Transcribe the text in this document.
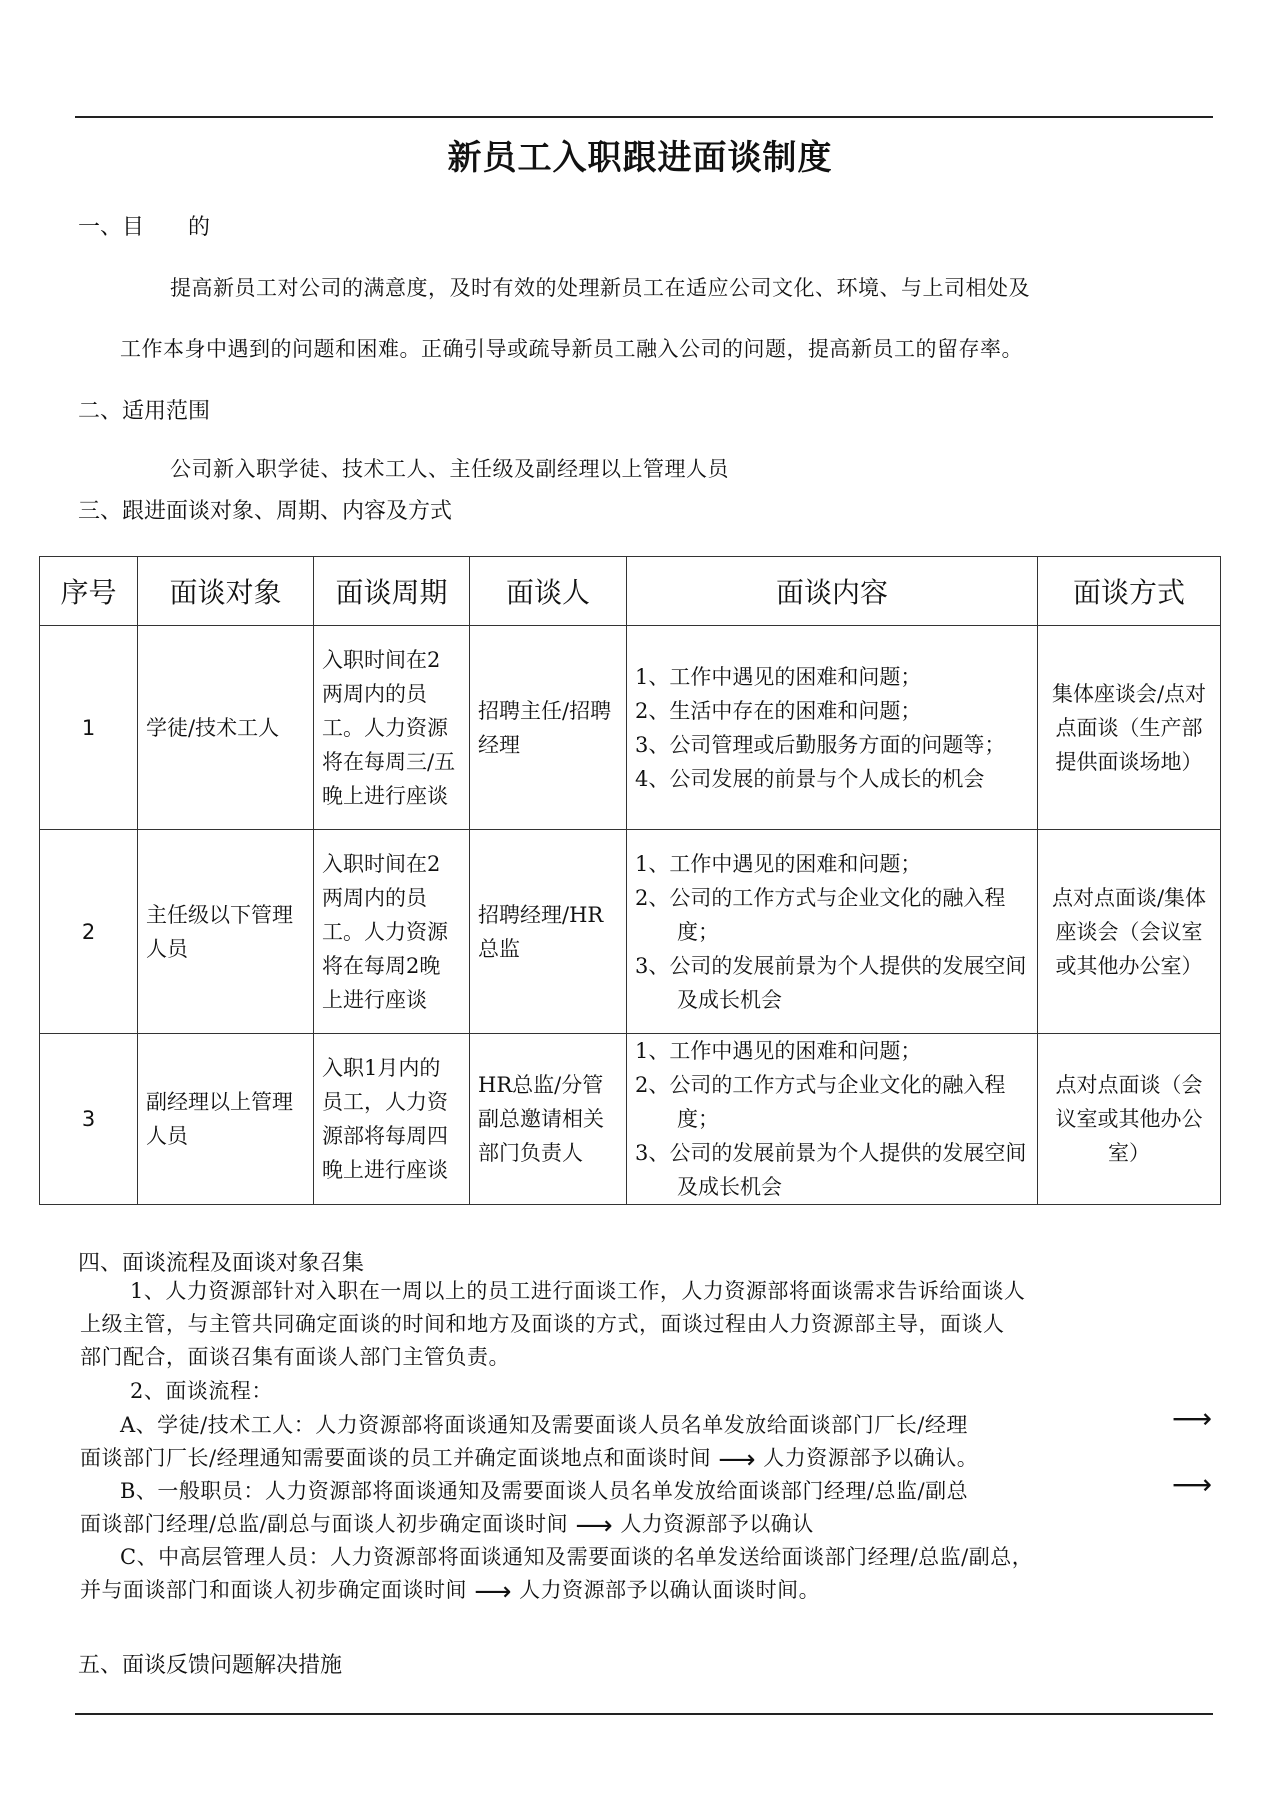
新员工入职跟进面谈制度
一、目　　的
提高新员工对公司的满意度，及时有效的处理新员工在适应公司文化、环境、与上司相处及
工作本身中遇到的问题和困难。正确引导或疏导新员工融入公司的问题，提高新员工的留存率。
二、适用范围
公司新入职学徒、技术工人、主任级及副经理以上管理人员
三、跟进面谈对象、周期、内容及方式
序号	面谈对象	面谈周期	面谈人	面谈内容	面谈方式
1	学徒/技术工人	入职时间在2两周内的员工。人力资源将在每周三/五晚上进行座谈	招聘主任/招聘经理	1、工作中遇见的困难和问题；
2、生活中存在的困难和问题；
3、公司管理或后勤服务方面的问题等；
4、公司发展的前景与个人成长的机会	集体座谈会/点对点面谈（生产部提供面谈场地）
2	主任级以下管理人员	入职时间在2两周内的员工。人力资源将在每周2晚上进行座谈	招聘经理/HR总监	1、工作中遇见的困难和问题；
2、公司的工作方式与企业文化的融入程度；
3、公司的发展前景为个人提供的发展空间及成长机会	点对点面谈/集体座谈会（会议室或其他办公室）
3	副经理以上管理人员	入职1月内的员工，人力资源部将每周四晚上进行座谈	HR总监/分管副总邀请相关部门负责人	1、工作中遇见的困难和问题；
2、公司的工作方式与企业文化的融入程度；
3、公司的发展前景为个人提供的发展空间及成长机会	点对点面谈（会议室或其他办公室）
四、面谈流程及面谈对象召集
1、人力资源部针对入职在一周以上的员工进行面谈工作，人力资源部将面谈需求告诉给面谈人
上级主管，与主管共同确定面谈的时间和地方及面谈的方式，面谈过程由人力资源部主导，面谈人
部门配合，面谈召集有面谈人部门主管负责。
2、面谈流程：
A、学徒/技术工人：人力资源部将面谈通知及需要面谈人员名单发放给面谈部门厂长/经理	⟶
面谈部门厂长/经理通知需要面谈的员工并确定面谈地点和面谈时间 ⟶ 人力资源部予以确认。
B、一般职员：人力资源部将面谈通知及需要面谈人员名单发放给面谈部门经理/总监/副总	⟶
面谈部门经理/总监/副总与面谈人初步确定面谈时间 ⟶ 人力资源部予以确认
C、中高层管理人员：人力资源部将面谈通知及需要面谈的名单发送给面谈部门经理/总监/副总，
并与面谈部门和面谈人初步确定面谈时间 ⟶ 人力资源部予以确认面谈时间。
五、面谈反馈问题解决措施
